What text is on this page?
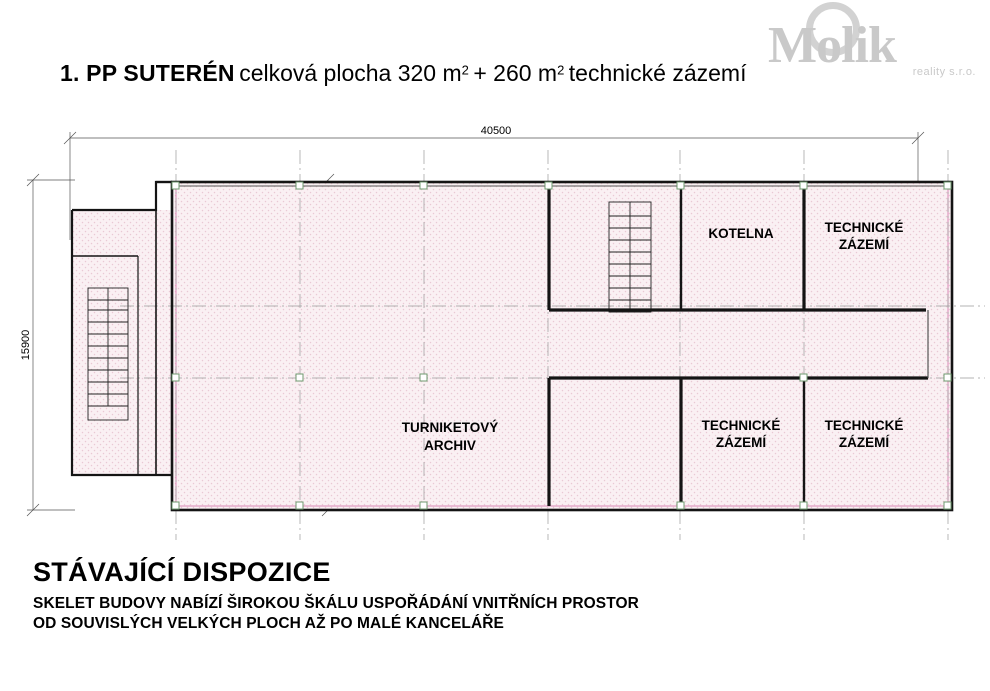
1. PP SUTERÉN celková plocha 320 $m^2 + 260$ $m^2$ technické zázemí Molik reality s.r.o.
40500
15900
KOTELNA	TECHNICKÉ
ZÁZEMÍ
TURNIKETOVÝ
ARCHIV
TECHNICKÉ
ZÁZEMÍ
TECHNICKÉ
ZÁZEMÍ
STÁVAJÍCÍ DISPOZICE
SKELET BUDOVY NABÍZÍ ŠIROKOU ŠKÁLU USPOŘÁDÁNÍ VNITŘNÍCH PROSTOR
OD SOUVISLÝCH VELKÝCH PLOCH AŽ PO MALÉ KANCELÁŘE
